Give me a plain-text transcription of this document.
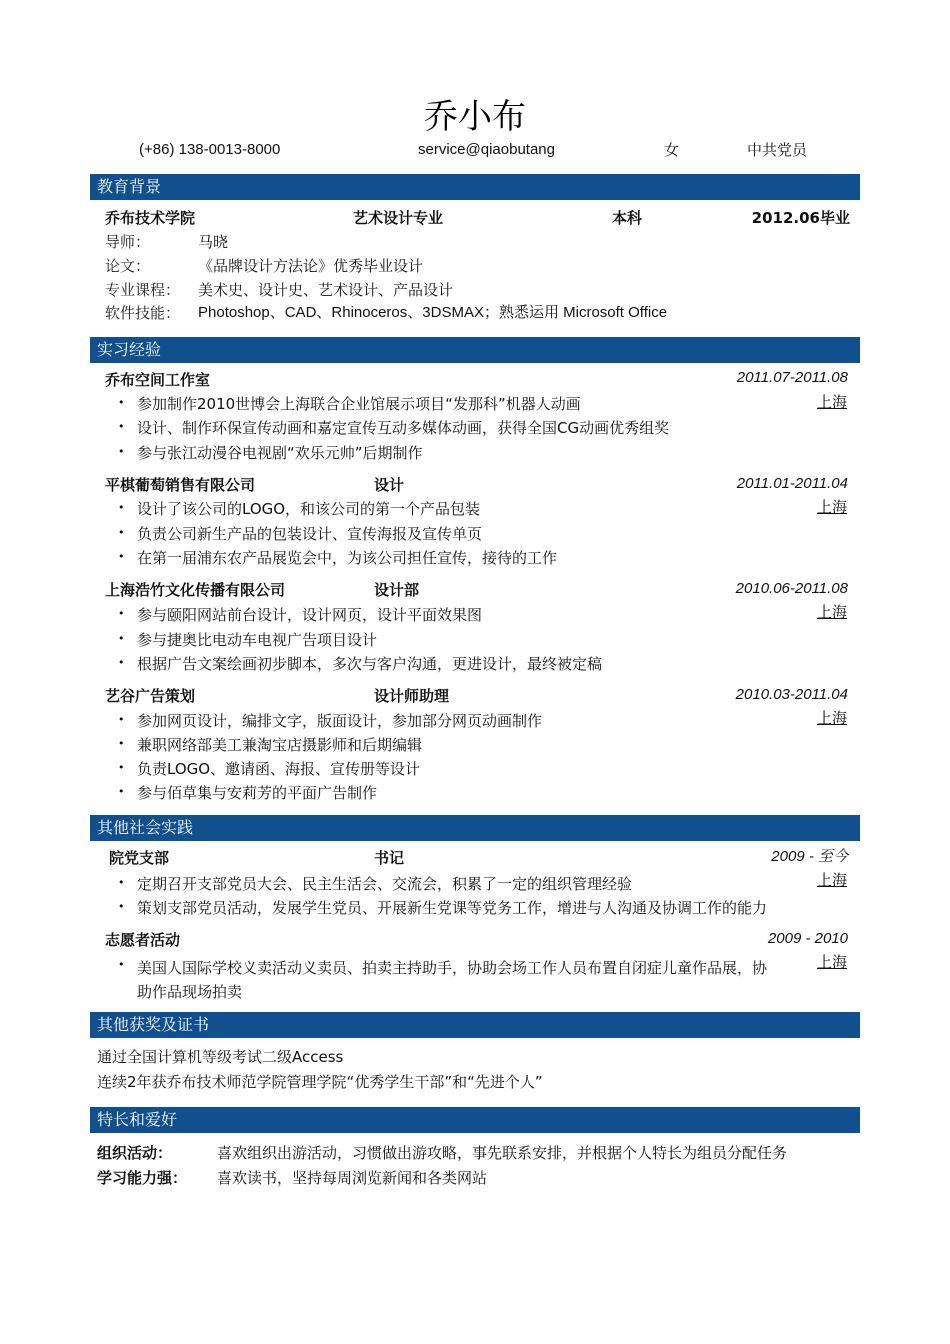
乔小布
(+86) 138-0013-8000	service@qiaobutang	女	中共党员
教育背景
乔布技术学院	艺术设计专业	本科	2012.06毕业
导师：	马晓
论文：	《品牌设计方法论》优秀毕业设计
专业课程： 美术史、设计史、艺术设计、产品设计
软件技能： Photoshop、CAD、Rhinoceros、3DSMAX；熟悉运用 Microsoft Office
实习经验
乔布空间工作室	2011.07-2011.08
上海
• 参加制作2010世博会上海联合企业馆展示项目“发那科”机器人动画
• 设计、制作环保宣传动画和嘉定宣传互动多媒体动画，获得全国CG动画优秀组奖
• 参与张江动漫谷电视剧“欢乐元帅”后期制作
平棋葡萄销售有限公司	设计	2011.01-2011.04
上海
• 设计了该公司的LOGO，和该公司的第一个产品包装
• 负责公司新生产品的包装设计、宣传海报及宣传单页
• 在第一届浦东农产品展览会中，为该公司担任宣传，接待的工作
上海浩竹文化传播有限公司	设计部	2010.06-2011.08
上海
• 参与颐阳网站前台设计，设计网页，设计平面效果图
• 参与捷奥比电动车电视广告项目设计
• 根据广告文案绘画初步脚本，多次与客户沟通，更进设计，最终被定稿
艺谷广告策划	设计师助理	2010.03-2011.04
上海
• 参加网页设计，编排文字，版面设计，参加部分网页动画制作
• 兼职网络部美工兼淘宝店摄影师和后期编辑
• 负责LOGO、邀请函、海报、宣传册等设计
• 参与佰草集与安莉芳的平面广告制作
其他社会实践
院党支部	书记	2009 - 至今
上海
• 定期召开支部党员大会、民主生活会、交流会，积累了一定的组织管理经验
• 策划支部党员活动，发展学生党员、开展新生党课等党务工作，增进与人沟通及协调工作的能力
志愿者活动	2009 - 2010
上海
• 美国人国际学校义卖活动义卖员、拍卖主持助手，协助会场工作人员布置自闭症儿童作品展，协助作品现场拍卖
其他获奖及证书
通过全国计算机等级考试二级Access
连续2年获乔布技术师范学院管理学院“优秀学生干部”和“先进个人”
特长和爱好
组织活动：	喜欢组织出游活动，习惯做出游攻略，事先联系安排，并根据个人特长为组员分配任务
学习能力强： 喜欢读书，坚持每周浏览新闻和各类网站
